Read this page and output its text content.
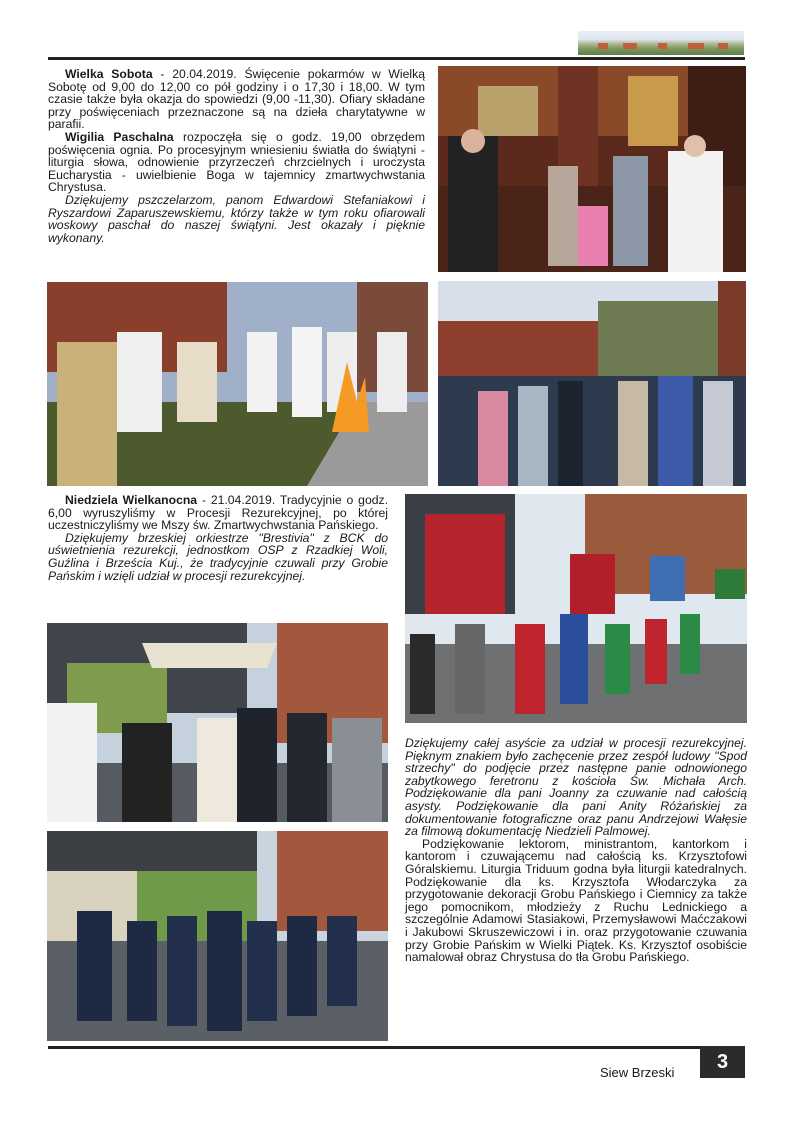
Wielka Sobota - 20.04.2019. Święcenie pokarmów w Wielką Sobotę od 9,00 do 12,00 co pół godziny i o 17,30 i 18,00. W tym czasie także była okazja do spowiedzi (9,00 -11,30). Ofiary składane przy poświęceniach przeznaczone są na dzieła charytatywne w parafii.

Wigilia Paschalna rozpoczęła się o godz. 19,00 obrzędem poświęcenia ognia. Po procesyjnym wniesieniu światła do świątyni - liturgia słowa, odnowienie przyrzeczeń chrzcielnych i uroczysta Eucharystia - uwielbienie Boga w tajemnicy zmartwychwstania Chrystusa.

Dziękujemy pszczelarzom, panom Edwardowi Stefaniakowi i Ryszardowi Zaparuszewskiemu, którzy także w tym roku ofiarowali woskowy paschał do naszej świątyni. Jest okazały i pięknie wykonany.

Niedziela Wielkanocna - 21.04.2019. Tradycyjnie o godz. 6,00 wyruszyliśmy w Procesji Rezurekcyjnej, po której uczestniczyliśmy we Mszy św. Zmartwychwstania Pańskiego.

Dziękujemy brzeskiej orkiestrze "Brestivia" z BCK do uświetnienia rezurekcji, jednostkom OSP z Rzadkiej Woli, Guźlina i Brześcia Kuj., że tradycyjnie czuwali przy Grobie Pańskim i wzięli udział w procesji rezurekcyjnej.

Dziękujemy całej asyście za udział w procesji rezurekcyjnej. Pięknym znakiem było zachęcenie przez zespół ludowy "Spod strzechy" do podjęcie przez następne panie odnowionego zabytkowego feretronu z kościoła Św. Michała Arch. Podziękowanie dla pani Joanny za czuwanie nad całością asysty. Podziękowanie dla pani Anity Różańskiej za dokumentowanie fotograficzne oraz panu Andrzejowi Wałęsie za filmową dokumentację Niedzieli Palmowej.

Podziękowanie lektorom, ministrantom, kantorkom i kantorom i czuwającemu nad całością ks. Krzysztofowi Góralskiemu. Liturgia Triduum godna była liturgii katedralnych. Podziękowanie dla ks. Krzysztofa Włodarczyka za przygotowanie dekoracji Grobu Pańskiego i Ciemnicy za także jego pomocnikom, młodzieży z Ruchu Lednickiego a szczególnie Adamowi Stasiakowi, Przemysławowi Maćczakowi i Jakubowi Skruszewiczowi i in. oraz przygotowanie czuwania przy Grobie Pańskim w Wielki Piątek. Ks. Krzysztof osobiście namalował obraz Chrystusa do tła Grobu Pańskiego.

Siew Brzeski	3
